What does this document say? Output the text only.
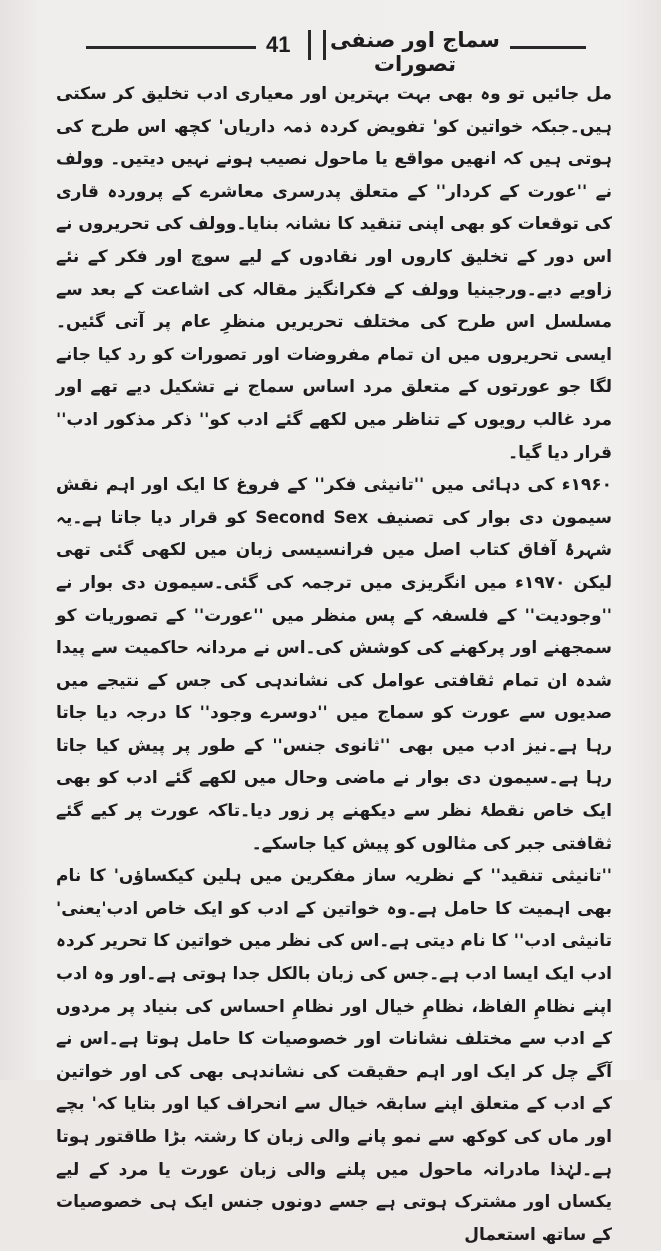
41 سماج اور صنفی تصورات

مل جائیں تو وہ بھی بہت بہترین اور معیاری ادب تخلیق کر سکتی ہیں۔جبکہ خواتین کو' تفویض کردہ ذمہ داریاں' کچھ اس طرح کی ہوتی ہیں کہ انھیں مواقع یا ماحول نصیب ہونے نہیں دیتیں۔ وولف نے ''عورت کے کردار'' کے متعلق پدرسری معاشرے کے پروردہ قاری کی توقعات کو بھی اپنی تنقید کا نشانہ بنایا۔وولف کی تحریروں نے اس دور کے تخلیق کاروں اور نقادوں کے لیے سوچ اور فکر کے نئے زاویے دیے۔ورجینیا وولف کے فکرانگیز مقالہ کی اشاعت کے بعد سے مسلسل اس طرح کی مختلف تحریریں منظرِ عام پر آتی گئیں۔ایسی تحریروں میں ان تمام مفروضات اور تصورات کو رد کیا جانے لگا جو عورتوں کے متعلق مرد اساس سماج نے تشکیل دیے تھے اور مرد غالب رویوں کے تناظر میں لکھے گئے ادب کو'' ذکر مذکور ادب'' قرار دیا گیا۔

۱۹۶۰ء کی دہائی میں ''تانیثی فکر'' کے فروغ کا ایک اور اہم نقش سیمون دی بوار کی تصنیف Second Sex کو قرار دیا جاتا ہے۔یہ شہرۂ آفاق کتاب اصل میں فرانسیسی زبان میں لکھی گئی تھی لیکن ۱۹۷۰ء میں انگریزی میں ترجمہ کی گئی۔سیمون دی بوار نے ''وجودیت'' کے فلسفہ کے پس منظر میں ''عورت'' کے تصوریات کو سمجھنے اور پرکھنے کی کوشش کی۔اس نے مردانہ حاکمیت سے پیدا شدہ ان تمام ثقافتی عوامل کی نشاندہی کی جس کے نتیجے میں صدیوں سے عورت کو سماج میں ''دوسرے وجود'' کا درجہ دیا جاتا رہا ہے۔نیز ادب میں بھی ''ثانوی جنس'' کے طور پر پیش کیا جاتا رہا ہے۔سیمون دی بوار نے ماضی وحال میں لکھے گئے ادب کو بھی ایک خاص نقطۂ نظر سے دیکھنے پر زور دیا۔تاکہ عورت پر کیے گئے ثقافتی جبر کی مثالوں کو پیش کیا جاسکے۔

''تانیثی تنقید'' کے نظریہ ساز مفکرین میں ہلین کیکساؤں' کا نام بھی اہمیت کا حامل ہے۔وہ خواتین کے ادب کو ایک خاص ادب'یعنی' تانیثی ادب'' کا نام دیتی ہے۔اس کی نظر میں خواتین کا تحریر کردہ ادب ایک ایسا ادب ہے۔جس کی زبان بالکل جدا ہوتی ہے۔اور وہ ادب اپنے نظامِ الفاظ، نظامِ خیال اور نظامِ احساس کی بنیاد پر مردوں کے ادب سے مختلف نشانات اور خصوصیات کا حامل ہوتا ہے۔اس نے آگے چل کر ایک اور اہم حقیقت کی نشاندہی بھی کی اور خواتین کے ادب کے متعلق اپنے سابقہ خیال سے انحراف کیا اور بتایا کہ' بچے اور ماں کی کوکھ سے نمو پانے والی زبان کا رشتہ بڑا طاقتور ہوتا ہے۔لہٰذا مادرانہ ماحول میں پلنے والی زبان عورت یا مرد کے لیے یکساں اور مشترک ہوتی ہے جسے دونوں جنس ایک ہی خصوصیات کے ساتھ استعمال
